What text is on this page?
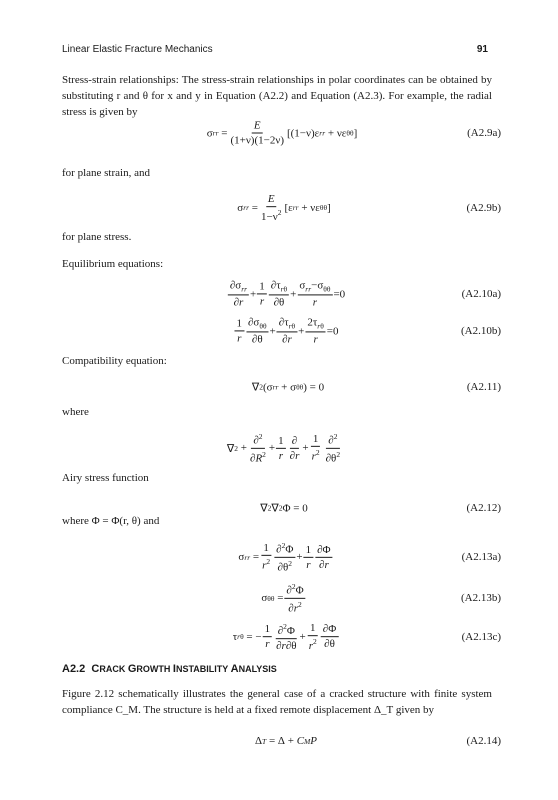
Linear Elastic Fracture Mechanics	91
Stress-strain relationships: The stress-strain relationships in polar coordinates can be obtained by substituting r and θ for x and y in Equation (A2.2) and Equation (A2.3). For example, the radial stress is given by
σ rr = $\frac{E}{(1+\nu)(1-2\nu)} [(1-\nu)\varepsilon$ rr + νε θθ ]	(A2.9a)
for plane strain, and
σ rr = $\frac{E}{1-\nu^2} [\varepsilon$ rr + νε θθ ]	(A2.9b)
for plane stress.
Equilibrium equations:
$\frac{\partial\sigma_{rr}}{\partial r} + \frac{1}{r} \frac{\partial\tau_{r\theta}}{\partial\theta} + \frac{\sigma_{rr}-\sigma_{\theta\theta}}{r} =0$	(A2.10a)
$\frac{1}{r} \frac{\partial\sigma_{\theta\theta}}{\partial\theta} + \frac{\partial\tau_{r\theta}}{\partial r} + \frac{2\tau_{r\theta}}{r} =0$	(A2.10b)
Compatibility equation:
∇ 2 (σ rr + σ θθ ) = 0	(A2.11)
where
∇ $2 + \frac{\partial^2}{\partial R^2} + \frac{1}{r} \frac{\partial}{\partial r} + \frac{1}{r^2} \frac{\partial^2}{\partial\theta^2}$
Airy stress function
∇ 2 ∇ 2 Φ = 0	(A2.12)
where Φ = Φ(r, θ) and
σ rr = $\frac{1}{r^2} \frac{\partial^2\Phi}{\partial\theta^2} + \frac{1}{r} \frac{\partial\Phi}{\partial r}$	(A2.13a)
σ $\theta\theta = \frac{\partial^2\Phi}{\partial r^2}$	(A2.13b)
τ rθ = − $\frac{1}{r} \frac{\partial^2\Phi}{\partial r\partial\theta} + \frac{1}{r^2} \frac{\partial\Phi}{\partial\theta}$	(A2.13c)
A2.2 CRACK GROWTH INSTABILITY ANALYSIS
Figure 2.12 schematically illustrates the general case of a cracked structure with finite system compliance C_M. The structure is held at a fixed remote displacement Δ_T given by
Δ T = Δ + C M P	(A2.14)
